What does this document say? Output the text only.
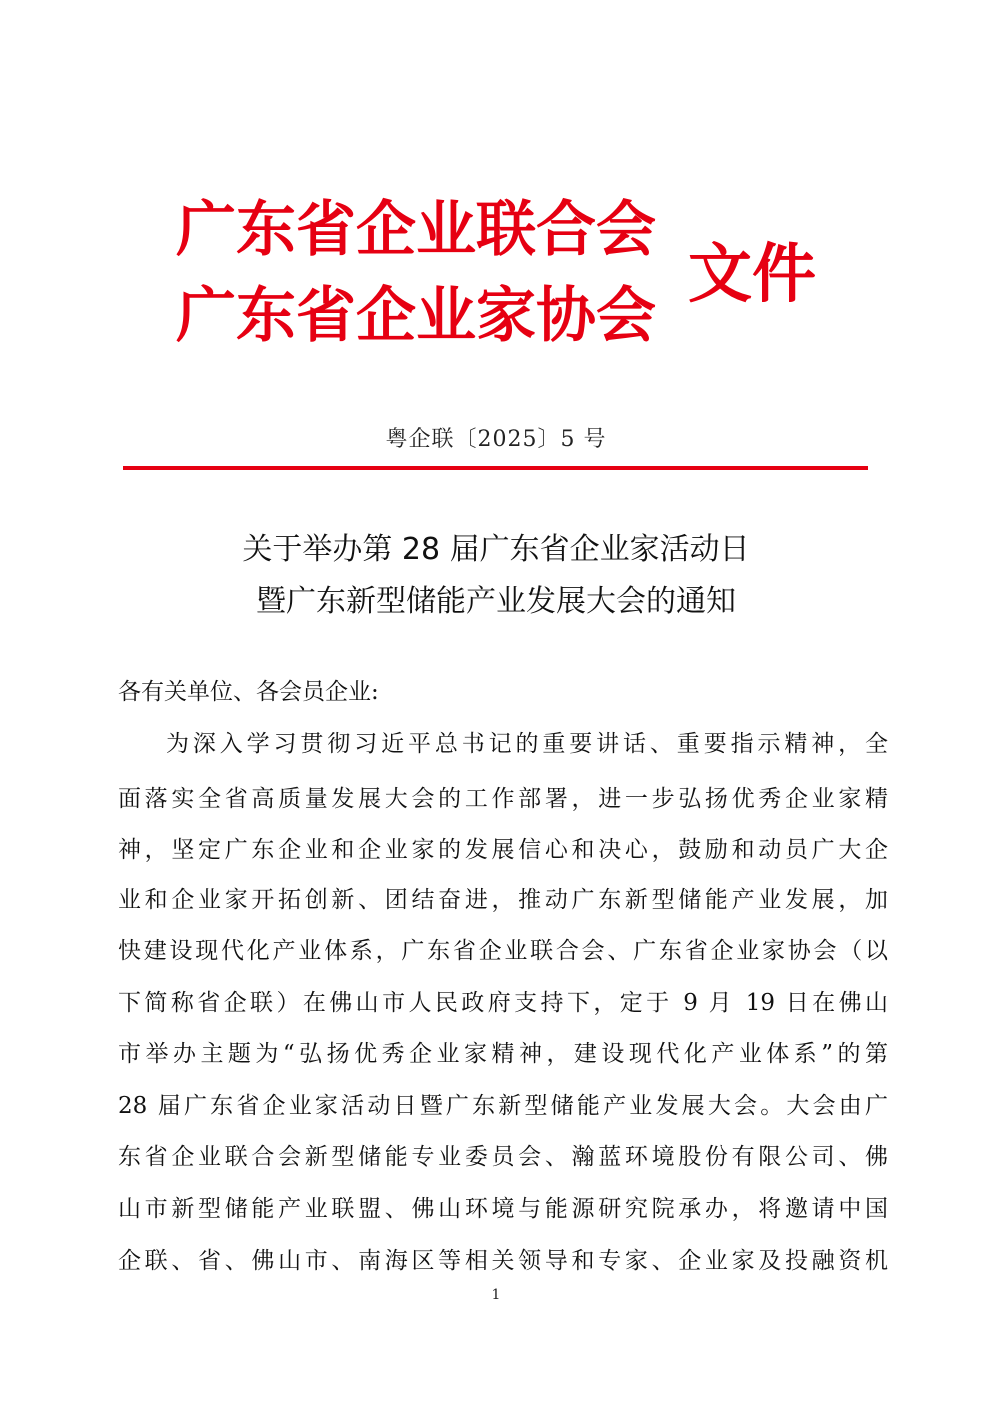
广东省企业联合会
广东省企业家协会
文件
粤企联〔2025〕5 号
关于举办第 28 届广东省企业家活动日
暨广东新型储能产业发展大会的通知
各有关单位、各会员企业:
为深入学习贯彻习近平总书记的重要讲话、重要指示精神，全
面落实全省高质量发展大会的工作部署，进一步弘扬优秀企业家精
神，坚定广东企业和企业家的发展信心和决心，鼓励和动员广大企
业和企业家开拓创新、团结奋进，推动广东新型储能产业发展，加
快建设现代化产业体系，广东省企业联合会、广东省企业家协会（以
下简称省企联）在佛山市人民政府支持下，定于 9 月 19 日在佛山
市举办主题为“弘扬优秀企业家精神，建设现代化产业体系”的第
28 届广东省企业家活动日暨广东新型储能产业发展大会。大会由广
东省企业联合会新型储能专业委员会、瀚蓝环境股份有限公司、佛
山市新型储能产业联盟、佛山环境与能源研究院承办，将邀请中国
企联、省、佛山市、南海区等相关领导和专家、企业家及投融资机
1
